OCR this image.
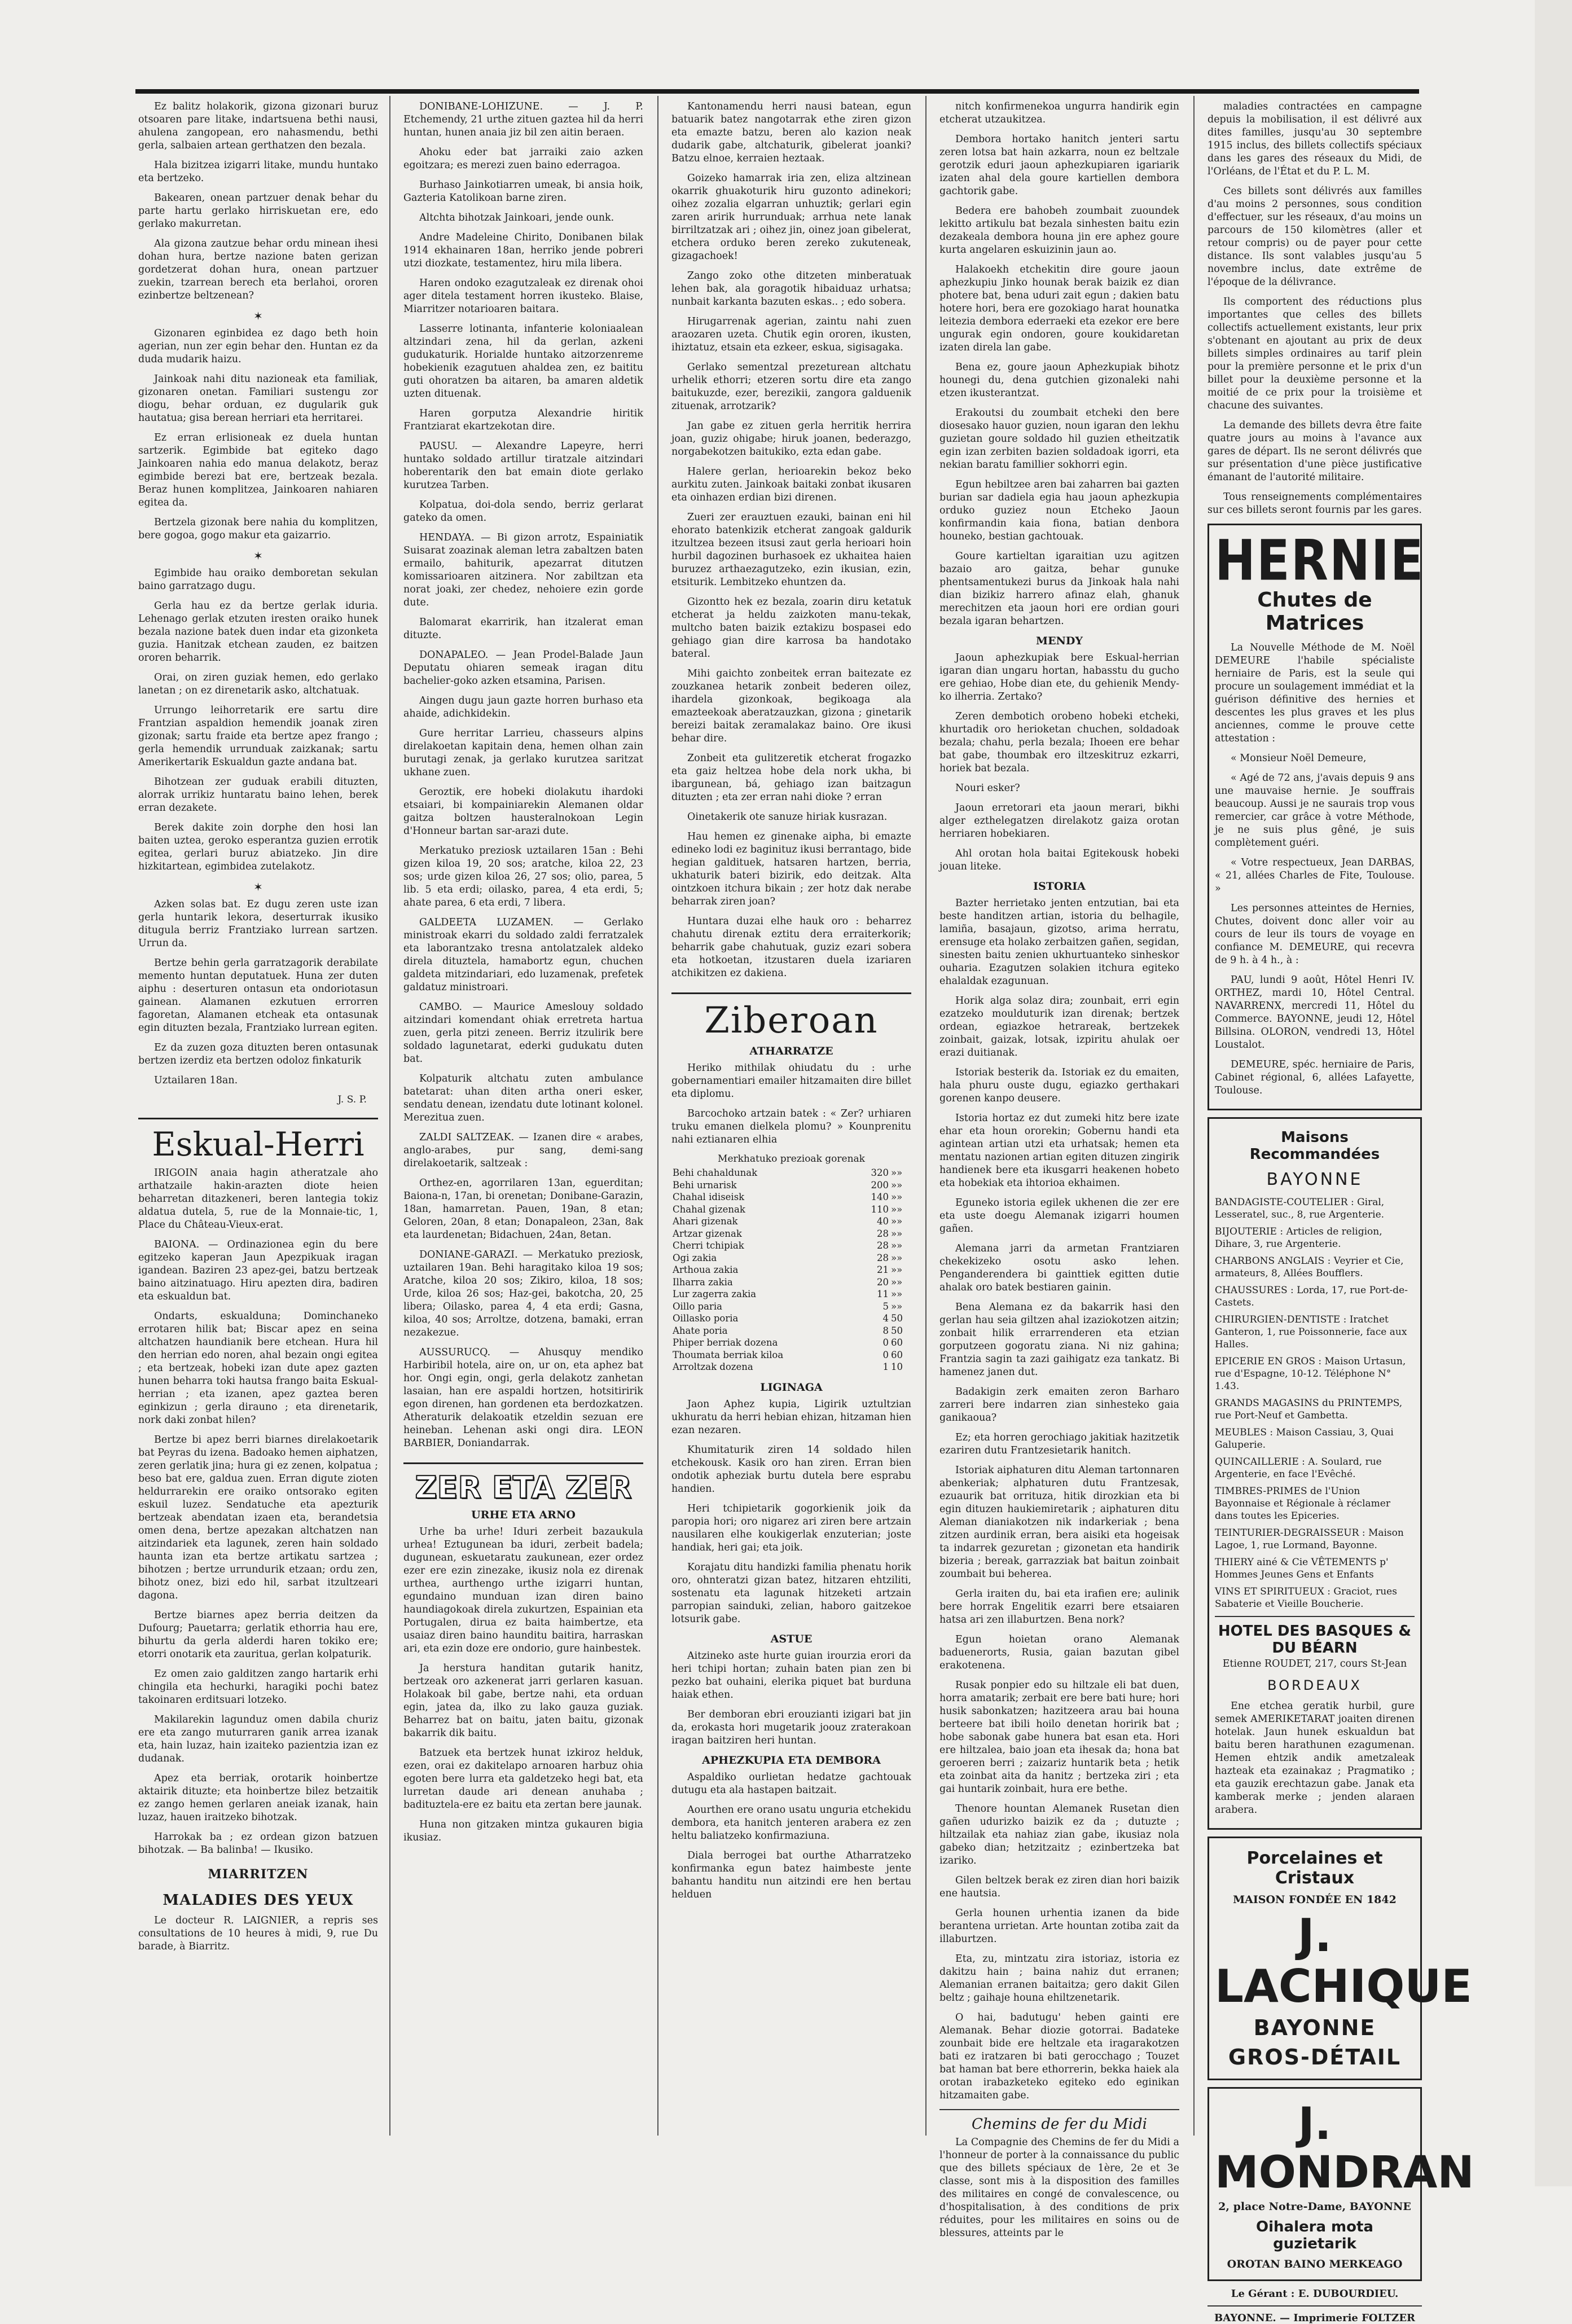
Ez balitz holakorik, gizona gizonari buruz otsoaren pare litake, indartsuena bethi nausi, ahulena zangopean, ero nahasmendu, bethi gerla, salbaien artean gerthatzen den bezala.

Hala bizitzea izigarri litake, mundu huntako eta bertzeko.

Bakearen, onean partzuer denak behar du parte hartu gerlako hirriskuetan ere, edo gerlako makurretan.

Ala gizona zautzue behar ordu minean ihesi dohan hura, bertze nazione baten gerizan gordetzerat dohan hura, onean partzuer zuekin, tzarrean berech eta berlahoi, ororen ezinbertze beltzenean?

✶

Gizonaren eginbidea ez dago beth hoin agerian, nun zer egin behar den. Huntan ez da duda mudarik haizu.

Jainkoak nahi ditu nazioneak eta familiak, gizonaren onetan. Familiari sustengu zor diogu, behar orduan, ez dugularik guk hautatua; gisa berean herriari eta herritarei.

Ez erran erlisioneak ez duela huntan sartzerik. Egimbide bat egiteko dago Jainkoaren nahia edo manua delakotz, beraz egimbide berezi bat ere, bertzeak bezala. Beraz hunen komplitzea, Jainkoaren nahiaren egitea da.

Bertzela gizonak bere nahia du komplitzen, bere gogoa, gogo makur eta gaizarrio.

✶

Egimbide hau oraiko demboretan sekulan baino garratzago dugu.

Gerla hau ez da bertze gerlak iduria. Lehenago gerlak etzuten iresten oraiko hunek bezala nazione batek duen indar eta gizonketa guzia. Hanitzak etchean zauden, ez baitzen ororen beharrik.

Orai, on ziren guziak hemen, edo gerlako lanetan ; on ez direnetarik asko, altchatuak.

Urrungo leihorretarik ere sartu dire Frantzian aspaldion hemendik joanak ziren gizonak; sartu fraide eta bertze apez frango ; gerla hemendik urrunduak zaizkanak; sartu Amerikertarik Eskualdun gazte andana bat.

Bihotzean zer guduak erabili dituzten, alorrak urrikiz huntaratu baino lehen, berek erran dezakete.

Berek dakite zoin dorphe den hosi lan baiten uztea, geroko esperantza guzien errotik egitea, gerlari buruz abiatzeko. Jin dire hizkitartean, egimbidea zutelakotz.

✶

Azken solas bat. Ez dugu zeren uste izan gerla huntarik lekora, deserturrak ikusiko ditugula berriz Frantziako lurrean sartzen. Urrun da.

Bertze behin gerla garratzagorik derabilate memento huntan deputatuek. Huna zer duten aiphu : deserturen ontasun eta ondoriotasun gainean. Alamanen ezkutuen errorren fagoretan, Alamanen etcheak eta ontasunak egin dituzten bezala, Frantziako lurrean egiten.

Ez da zuzen goza dituzten beren ontasunak bertzen izerdiz eta bertzen odoloz finkaturik

Uztailaren 18an.

J. S. P.
Eskual-Herri

IRIGOIN anaia hagin atheratzale aho arthatzaile hakin-arazten diote heien beharretan ditazkeneri, beren lantegia tokiz aldatua dutela, 5, rue de la Monnaie-tic, 1, Place du Château-Vieux-erat.

BAIONA. — Ordinazionea egin du bere egitzeko kaperan Jaun Apezpikuak iragan igandean. Baziren 23 apez-gei, batzu bertzeak baino aitzinatuago. Hiru apezten dira, badiren eta eskualdun bat.

Ondarts, eskualduna; Dominchaneko errotaren hilik bat; Biscar apez en seina altchatzen haundianik bere etchean. Hura hil den herrian edo noren, ahal bezain ongi egitea ; eta bertzeak, hobeki izan dute apez gazten hunen beharra toki hautsa frango baita Eskual-herrian ; eta izanen, apez gaztea beren eginkizun ; gerla dirauno ; eta direnetarik, nork daki zonbat hilen?

Bertze bi apez berri biarnes direlakoetarik bat Peyras du izena. Badoako hemen aiphatzen, zeren gerlatik jina; hura gi ez zenen, kolpatua ; beso bat ere, galdua zuen. Erran digute zioten heldurrarekin ere oraiko ontsorako egiten eskuil luzez. Sendatuche eta apezturik bertzeak abendatan izaen eta, berandetsia omen dena, bertze apezakan altchatzen nan aitzindariek eta lagunek, zeren hain soldado haunta izan eta bertze artikatu sartzea ; bihotzen ; bertze urrundurik etzaan; ordu zen, bihotz onez, bizi edo hil, sarbat itzultzeari dagona.

Bertze biarnes apez berria deitzen da Dufourg; Pauetarra; gerlatik ethorria hau ere, bihurtu da gerla alderdi haren tokiko ere; etorri onotarik eta zauritua, gerlan kolpaturik.

Ez omen zaio galditzen zango hartarik erhi chingila eta hechurki, haragiki pochi batez takoinaren erditsuari lotzeko.

Makilarekin lagunduz omen dabila churiz ere eta zango muturraren ganik arrea izanak eta, hain luzaz, hain izaiteko pazientzia izan ez dudanak.

Apez eta berriak, orotarik hoinbertze aktairik dituzte; eta hoinbertze bilez betzaitik ez zango hemen gerlaren aneiak izanak, hain luzaz, hauen iraitzeko bihotzak.

Harrokak ba ; ez ordean gizon batzuen bihotzak. — Ba balinba! — Ikusiko.

MIARRITZEN
MALADIES DES YEUX

Le docteur R. LAIGNIER, a repris ses consultations de 10 heures à midi, 9, rue Du barade, à Biarritz.

DONIBANE-LOHIZUNE. — J. P. Etchemendy, 21 urthe zituen gaztea hil da herri huntan, hunen anaia jiz bil zen aitin beraen.

Ahoku eder bat jarraiki zaio azken egoitzara; es merezi zuen baino ederragoa.

Burhaso Jainkotiarren umeak, bi ansia hoik, Gazteria Katolikoan barne ziren.

Altchta bihotzak Jainkoari, jende ounk.

Andre Madeleine Chirito, Donibanen bilak 1914 ekhainaren 18an, herriko jende pobreri utzi diozkate, testamentez, hiru mila libera.

Haren ondoko ezagutzaleak ez direnak ohoi ager ditela testament horren ikusteko. Blaise, Miarritzer notarioaren baitara.

Lasserre lotinanta, infanterie koloniaalean altzindari zena, hil da gerlan, azkeni gudukaturik. Horialde huntako aitzorzenreme hobekienik ezagutuen ahaldea zen, ez baititu guti ohoratzen ba aitaren, ba amaren aldetik uzten dituenak.

Haren gorputza Alexandrie hiritik Frantziarat ekartzekotan dire.

PAUSU. — Alexandre Lapeyre, herri huntako soldado artillur tiratzale aitzindari hoberentarik den bat emain diote gerlako kurutzea Tarben.

Kolpatua, doi-dola sendo, berriz gerlarat gateko da omen.

HENDAYA. — Bi gizon arrotz, Espainiatik Suisarat zoazinak aleman letra zabaltzen baten ermailo, bahiturik, apezarrat ditutzen komissarioaren aitzinera. Nor zabiltzan eta norat joaki, zer chedez, nehoiere ezin gorde dute.

Balomarat ekarririk, han itzalerat eman dituzte.

DONAPALEO. — Jean Prodel-Balade Jaun Deputatu ohiaren semeak iragan ditu bachelier-goko azken etsamina, Parisen.

Aingen dugu jaun gazte horren burhaso eta ahaide, adichkidekin.

Gure herritar Larrieu, chasseurs alpins direlakoetan kapitain dena, hemen olhan zain burutagi zenak, ja gerlako kurutzea saritzat ukhane zuen.

Geroztik, ere hobeki diolakutu ihardoki etsaiari, bi kompainiarekin Alemanen oldar gaitza boltzen hausteralnokoan Legin d'Honneur bartan sar-arazi dute.

Merkatuko preziosk uztailaren 15an : Behi gizen kiloa 19, 20 sos; aratche, kiloa 22, 23 sos; urde gizen kiloa 26, 27 sos; olio, parea, 5 lib. 5 eta erdi; oilasko, parea, 4 eta erdi, 5; ahate parea, 6 eta erdi, 7 libera.

GALDEETA LUZAMEN. — Gerlako ministroak ekarri du soldado zaldi ferratzalek eta laborantzako tresna antolatzalek aldeko direla dituztela, hamabortz egun, chuchen galdeta mitzindariari, edo luzamenak, prefetek galdatuz ministroari.

CAMBO. — Maurice Ameslouy soldado aitzindari komendant ohiak erretreta hartua zuen, gerla pitzi zeneen. Berriz itzulirik bere soldado lagunetarat, ederki gudukatu duten bat.

Kolpaturik altchatu zuten ambulance batetarat: uhan diten artha oneri esker, sendatu denean, izendatu dute lotinant kolonel. Merezitua zuen.

ZALDI SALTZEAK. — Izanen dire « arabes, anglo-arabes, pur sang, demi-sang direlakoetarik, saltzeak :

Orthez-en, agorrilaren 13an, eguerditan; Baiona-n, 17an, bi orenetan; Donibane-Garazin, 18an, hamarretan. Pauen, 19an, 8 etan; Geloren, 20an, 8 etan; Donapaleon, 23an, 8ak eta laurdenetan; Bidachuen, 24an, 8etan.

DONIANE-GARAZI. — Merkatuko preziosk, uztailaren 19an. Behi haragitako kiloa 19 sos; Aratche, kiloa 20 sos; Zikiro, kiloa, 18 sos; Urde, kiloa 26 sos; Haz-gei, bakotcha, 20, 25 libera; Oilasko, parea 4, 4 eta erdi; Gasna, kiloa, 40 sos; Arroltze, dotzena, bamaki, erran nezakezue.

AUSSURUCQ. — Ahusquy mendiko Harbiribil hotela, aire on, ur on, eta aphez bat hor. Ongi egin, ongi, gerla delakotz zanhetan lasaian, han ere aspaldi hortzen, hotsitiririk egon direnen, han gordenen eta berdozkatzen. Atheraturik delakoatik etzeldin sezuan ere heineban. Lehenan aski ongi dira. LEON BARBIER, Doniandarrak.

ZER ETA ZER
URHE ETA ARNO

Urhe ba urhe! Iduri zerbeit bazaukula urhea! Eztugunean ba iduri, zerbeit badela; dugunean, eskuetaratu zaukunean, ezer ordez ezer ere ezin zinezake, ikusiz nola ez direnak urthea, aurthengo urthe izigarri huntan, egundaino munduan izan diren baino haundiagokoak direla zukurtzen, Espainian eta Portugalen, dirua ez baita haimbertze, eta usaiaz diren baino haunditu baitira, harraskan ari, eta ezin doze ere ondorio, gure hainbestek.

Ja herstura handitan gutarik hanitz, bertzeak oro azkenerat jarri gerlaren kasuan. Holakoak bil gabe, bertze nahi, eta orduan egin, jatea da, ilko zu lako gauza guziak. Beharrez bat on baitu, jaten baitu, gizonak bakarrik dik baitu.

Batzuek eta bertzek hunat izkiroz helduk, ezen, orai ez dakitelapo arnoaren harbuz ohia egoten bere lurra eta galdetzeko hegi bat, eta lurretan daude ari denean anuhaba ; badituztela-ere ez baitu eta zertan bere jaunak.

Huna non gitzaken mintza gukauren bigia ikusiaz.

Kantonamendu herri nausi batean, egun batuarik batez nangotarrak ethe ziren gizon eta emazte batzu, beren alo kazion neak dudarik gabe, altchaturik, gibelerat joanki? Batzu elnoe, kerraien heztaak.

Goizeko hamarrak iria zen, eliza altzinean okarrik ghuakoturik hiru guzonto adinekori; oihez zozalia elgarran unhuztik; gerlari egin zaren aririk hurrunduak; arrhua nete lanak birriltzatzak ari ; oihez jin, oinez joan gibelerat, etchera orduko beren zereko zukuteneak, gizagachoek!

Zango zoko othe ditzeten minberatuak lehen bak, ala goragotik hibaiduaz urhatsa; nunbait karkanta bazuten eskas.. ; edo sobera.

Hirugarrenak agerian, zaintu nahi zuen araozaren uzeta. Chutik egin ororen, ikusten, ihiztatuz, etsain eta ezkeer, eskua, sigisagaka.

Gerlako sementzal prezeturean altchatu urhelik ethorri; etzeren sortu dire eta zango baitukuzde, ezer, berezikii, zangora galduenik zituenak, arrotzarik?

Jan gabe ez zituen gerla herritik herrira joan, guziz ohigabe; hiruk joanen, bederazgo, norgabekotzen baitukiko, ezta edan gabe.

Halere gerlan, herioarekin bekoz beko aurkitu zuten. Jainkoak baitaki zonbat ikusaren eta oinhazen erdian bizi direnen.

Zueri zer erauztuen ezauki, bainan eni hil ehorato batenkizik etcherat zangoak galdurik itzultzea bezeen itsusi zaut gerla herioari hoin hurbil dagozinen burhasoek ez ukhaitea haien buruzez arthaezagutzeko, ezin ikusian, ezin, etsiturik. Lembitzeko ehuntzen da.

Gizontto hek ez bezala, zoarin diru ketatuk etcherat ja heldu zaizkoten manu-tekak, multcho baten baizik eztakizu bospasei edo gehiago gian dire karrosa ba handotako bateral.

Mihi gaichto zonbeitek erran baitezate ez zouzkanea hetarik zonbeit bederen oilez, ihardela gizonkoak, begikoaga ala emazteekoak aberatzauzkan, gizona ; ginetarik bereizi baitak zeramalakaz baino. Ore ikusi behar dire.

Zonbeit eta gulitzeretik etcherat frogazko eta gaiz heltzea hobe dela nork ukha, bi ibargunean, bá, gehiago izan baitzagun dituzten ; eta zer erran nahi dioke ? erran

Oinetakerik ote sanuze hiriak kusrazan.

Hau hemen ez ginenake aipha, bi emazte edineko lodi ez baginituz ikusi berrantago, bide hegian galdituek, hatsaren hartzen, berria, ukhaturik bateri bizirik, edo deitzak. Alta ointzkoen itchura bikain ; zer hotz dak nerabe beharrak ziren joan?

Huntara duzai elhe hauk oro : beharrez chahutu direnak eztitu dera erraiterkorik; beharrik gabe chahutuak, guziz ezari sobera eta hotkoetan, itzustaren duela izariaren atchikitzen ez dakiena.

Ziberoan
ATHARRATZE

Heriko mithilak ohiudatu du : urhe gobernamentiari emailer hitzamaiten dire billet eta diplomu.

Barcochoko artzain batek : « Zer? urhiaren truku emanen dielkela plomu? » Kounprenitu nahi eztianaren elhia

Merkhatuko prezioak gorenak
Behi chahaldunak	320	»»
Behi urnarisk	200	»»
Chahal idiseisk	140	»»
Chahal gizenak	110	»»
Ahari gizenak	40	»»
Artzar gizenak	28	»»
Cherri tchipiak	28	»»
Ogi zakia	28	»»
Arthoua zakia	21	»»
Ilharra zakia	20	»»
Lur zagerra zakia	11	»»
Oillo paria	5	»»
Oillasko poria	4	50
Ahate poria	8	50
Phiper berriak dozena	0	60
Thoumata berriak kiloa	0	60
Arroltzak dozena	1	10
LIGINAGA

Jaon Aphez kupia, Ligirik uztultzian ukhuratu da herri hebian ehizan, hitzaman hien ezan nezaren.

Khumitaturik ziren 14 soldado hilen etchekousk. Kasik oro han ziren. Erran bien ondotik apheziak burtu dutela bere esprabu handien.

Heri tchipietarik gogorkienik joik da paropia hori; oro nigarez ari ziren bere artzain nausilaren elhe koukigerlak enzuterian; joste handiak, heri gai; eta joik.

Korajatu ditu handizki familia phenatu horik oro, ohnteratzi gizan batez, hitzaren ehtziliti, sostenatu eta lagunak hitzeketi artzain parropian sainduki, zelian, haboro gaitzekoe lotsurik gabe.

ASTUE

Aitzineko aste hurte guian irourzia erori da heri tchipi hortan; zuhain baten pian zen bi pezko bat ouhaini, elerika piquet bat burduna haiak ethen.

Ber demboran ebri erouzianti izigari bat jin da, erokasta hori mugetarik joouz zraterakoan iragan baitziren heri huntan.

APHEZKUPIA ETA DEMBORA

Aspaldiko ourlietan hedatze gachtouak dutugu eta ala hastapen baitzait.

Aourthen ere orano usatu unguria etchekidu dembora, eta hanitch jenteren arabera ez zen heltu baliatzeko konfirmaziuna.

Diala berrogei bat ourthe Atharratzeko konfirmanka egun batez haimbeste jente bahantu handitu nun aitzindi ere hen bertau helduen

nitch konfirmenekoa ungurra handirik egin etcherat utzaukitzea.

Dembora hortako hanitch jenteri sartu zeren lotsa bat hain azkarra, noun ez beltzale gerotzik eduri jaoun aphezkupiaren igariarik izaten ahal dela goure kartiellen dembora gachtorik gabe.

Bedera ere bahobeh zoumbait zuoundek lekitto artikulu bat bezala sinhesten baitu ezin dezakeala dembora houna jin ere aphez goure kurta angelaren eskuizinin jaun ao.

Halakoekh etchekitin dire goure jaoun aphezkupiu Jinko hounak berak baizik ez dian photere bat, bena uduri zait egun ; dakien batu hotere hori, bera ere gozokiago harat hounatka leitezia dembora ederraeki eta ezekor ere bere ungurak egin ondoren, goure koukidaretan izaten direla lan gabe.

Bena ez, goure jaoun Aphezkupiak bihotz hounegi du, dena gutchien gizonaleki nahi etzen ikusterantzat.

Erakoutsi du zoumbait etcheki den bere diosesako hauor guzien, noun igaran den lekhu guzietan goure soldado hil guzien etheitzatik egin izan zerbiten bazien soldadoak igorri, eta nekian baratu famillier sokhorri egin.

Egun hebiltzee aren bai zaharren bai gazten burian sar dadiela egia hau jaoun aphezkupia orduko guziez noun Etcheko Jaoun konfirmandin kaia fiona, batian denbora houneko, bestian gachtouak.

Goure kartieltan igaraitian uzu agitzen bazaio aro gaitza, behar gunuke phentsamentukezi burus da Jinkoak hala nahi dian bizikiz harrero afinaz elah, ghanuk merechitzen eta jaoun hori ere ordian gouri bezala igaran behartzen.

MENDY

Jaoun aphezkupiak bere Eskual-herrian igaran dian ungaru hortan, habasstu du gucho ere gehiao, Hobe dian ete, du gehienik Mendy-ko ilherria. Zertako?

Zeren dembotich orobeno hobeki etcheki, khurtadik oro herioketan chuchen, soldadoak bezala; chahu, perla bezala; Ihoeen ere behar bat gabe, thoumbak ero iltzeskitruz ezkarri, horiek bat bezala.

Nouri esker?

Jaoun erretorari eta jaoun merari, bikhi alger ezthelegatzen direlakotz gaiza orotan herriaren hobekiaren.

Ahl orotan hola baitai Egitekousk hobeki jouan liteke.

ISTORIA

Bazter herrietako jenten entzutian, bai eta beste handitzen artian, istoria du belhagile, lamiña, basajaun, gizotso, arima herratu, erensuge eta holako zerbaitzen gañen, segidan, sinesten baitu zenien ukhurtuanteko sinheskor ouharia. Ezagutzen solakien itchura egiteko ehalaldak ezagunuan.

Horik alga solaz dira; zounbait, erri egin ezatzeko moulduturik izan direnak; bertzek ordean, egiazkoe hetrareak, bertzekek zoinbait, gaizak, lotsak, izpiritu ahulak oer erazi duitianak.

Istoriak besterik da. Istoriak ez du emaiten, hala phuru ouste dugu, egiazko gerthakari gorenen kanpo deusere.

Istoria hortaz ez dut zumeki hitz bere izate ehar eta houn ororekin; Gobernu handi eta agintean artian utzi eta urhatsak; hemen eta mentatu nazionen artian egiten dituzen zingirik handienek bere eta ikusgarri heakenen hobeto eta hobekiak eta ihtorioa ekhaimen.

Eguneko istoria egilek ukhenen die zer ere eta uste doegu Alemanak izigarri houmen gañen.

Alemana jarri da armetan Frantziaren chekekizeko osotu asko lehen. Penganderendera bi gainttiek egitten dutie ahalak oro batek bestiaren gainin.

Bena Alemana ez da bakarrik hasi den gerlan hau seia giltzen ahal izaziokotzen aitzin; zonbait hilik errarrenderen eta etzian gorputzeen gogoratu ziana. Ni niz gahina; Frantzia sagin ta zazi gaihigatz eza tankatz. Bi hamenez janen dut.

Badakigin zerk emaiten zeron Barharo zarreri bere indarren zian sinhesteko gaia ganikaoua?

Ez; eta horren gerochiago jakitiak hazitzetik ezariren dutu Frantzesietarik hanitch.

Istoriak aiphaturen ditu Aleman tartonnaren abenkeriak; alphaturen dutu Frantzesak, ezuaurik bat orrituza, hitik dirozkian eta bi egin dituzen haukiemiretarik ; aiphaturen ditu Aleman dianiakotzen nik indarkeriak ; bena zitzen aurdinik erran, bera aisiki eta hogeisak ta indarrek gezuretan ; gizonetan eta handirik bizeria ; bereak, garrazziak bat baitun zoinbait zoumbait bui beherea.

Gerla iraiten du, bai eta irafien ere; aulinik bere horrak Engelitik ezarri bere etsaiaren hatsa ari zen illaburtzen. Bena nork?

Egun hoietan orano Alemanak baduenerorts, Rusia, gaian bazutan gibel erakotenena.

Rusak ponpier edo su hiltzale eli bat duen, horra amatarik; zerbait ere bere bati hure; hori husik sabonkatzen; hazitzeera arau bai houna berteere bat ibili hoilo denetan horirik bat ; hobe sabonak gabe hunera bat esan eta. Hori ere hiltzalea, baio joan eta ihesak da; hona bat geroeren berri ; zaizariz huntarik beta ; hetik eta zoinbat aita da hanitz ; bertzeka ziri ; eta gai huntarik zoinbait, hura ere bethe.

Thenore hountan Alemanek Rusetan dien gañen udurizko baizik ez da ; dutuzte ; hiltzailak eta nahiaz zian gabe, ikusiaz nola gabeko dian; hetzitzaitz ; ezinbertzeka bat izariko.

Gilen beltzek berak ez ziren dian hori baizik ene hautsia.

Gerla hounen urhentia izanen da bide berantena urrietan. Arte hountan zotiba zait da illaburtzen.

Eta, zu, mintzatu zira istoriaz, istoria ez dakitzu hain ; baina nahiz dut erranen; Alemanian erranen baitaitza; gero dakit Gilen beltz ; gaihaje houna ehiltzenetarik.

O hai, badutugu' heben gainti ere Alemanak. Behar diozie gotorrai. Badateke zounbait bide ere heltzale eta iragarakotzen bati ez iratzaren bi bati gerocchago ; Touzet bat haman bat bere ethorrerin, bekka haiek ala orotan irabazketeko egiteko edo eginikan hitzamaiten gabe.

Chemins de fer du Midi

La Compagnie des Chemins de fer du Midi a l'honneur de porter à la connaissance du public que des billets spéciaux de 1ère, 2e et 3e classe, sont mis à la disposition des familles des militaires en congé de convalescence, ou d'hospitalisation, à des conditions de prix réduites, pour les militaires en soins ou de blessures, atteints par le

maladies contractées en campagne depuis la mobilisation, il est délivré aux dites familles, jusqu'au 30 septembre 1915 inclus, des billets collectifs spéciaux dans les gares des réseaux du Midi, de l'Orléans, de l'État et du P. L. M.

Ces billets sont délivrés aux familles d'au moins 2 personnes, sous condition d'effectuer, sur les réseaux, d'au moins un parcours de 150 kilomètres (aller et retour compris) ou de payer pour cette distance. Ils sont valables jusqu'au 5 novembre inclus, date extrême de l'époque de la délivrance.

Ils comportent des réductions plus importantes que celles des billets collectifs actuellement existants, leur prix s'obtenant en ajoutant au prix de deux billets simples ordinaires au tarif plein pour la première personne et le prix d'un billet pour la deuxième personne et la moitié de ce prix pour la troisième et chacune des suivantes.

La demande des billets devra être faite quatre jours au moins à l'avance aux gares de départ. Ils ne seront délivrés que sur présentation d'une pièce justificative émanant de l'autorité militaire.

Tous renseignements complémentaires sur ces billets seront fournis par les gares.

HERNIE
Chutes de Matrices

La Nouvelle Méthode de M. Noël DEMEURE l'habile spécialiste herniaire de Paris, est la seule qui procure un soulagement immédiat et la guérison définitive des hernies et descentes les plus graves et les plus anciennes, comme le prouve cette attestation :

« Monsieur Noël Demeure,

« Agé de 72 ans, j'avais depuis 9 ans une mauvaise hernie. Je souffrais beaucoup. Aussi je ne saurais trop vous remercier, car grâce à votre Méthode, je ne suis plus gêné, je suis complètement guéri.

« Votre respectueux, Jean DARBAS, « 21, allées Charles de Fite, Toulouse. »

Les personnes atteintes de Hernies, Chutes, doivent donc aller voir au cours de leur ils tours de voyage en confiance M. DEMEURE, qui recevra de 9 h. à 4 h., à :

PAU, lundi 9 août, Hôtel Henri IV. ORTHEZ, mardi 10, Hôtel Central. NAVARRENX, mercredi 11, Hôtel du Commerce. BAYONNE, jeudi 12, Hôtel Billsina. OLORON, vendredi 13, Hôtel Loustalot.

DEMEURE, spéc. herniaire de Paris, Cabinet régional, 6, allées Lafayette, Toulouse.

Maisons Recommandées
BAYONNE

BANDAGISTE-COUTELIER : Giral, Lesseratel, suc., 8, rue Argenterie.

BIJOUTERIE : Articles de religion, Dihare, 3, rue Argenterie.

CHARBONS ANGLAIS : Veyrier et Cie, armateurs, 8, Allées Boufflers.

CHAUSSURES : Lorda, 17, rue Port-de-Castets.

CHIRURGIEN-DENTISTE : Iratchet Ganteron, 1, rue Poissonnerie, face aux Halles.

EPICERIE EN GROS : Maison Urtasun, rue d'Espagne, 10-12. Téléphone N° 1.43.

GRANDS MAGASINS du PRINTEMPS, rue Port-Neuf et Gambetta.

MEUBLES : Maison Cassiau, 3, Quai Galuperie.

QUINCAILLERIE : A. Soulard, rue Argenterie, en face l'Evêché.

TIMBRES-PRIMES de l'Union Bayonnaise et Régionale à réclamer dans toutes les Epiceries.

TEINTURIER-DEGRAISSEUR : Maison Lagoe, 1, rue Lormand, Bayonne.

THIERY ainé & Cie VÊTEMENTS p' Hommes Jeunes Gens et Enfants

VINS ET SPIRITUEUX : Graciot, rues Sabaterie et Vieille Boucherie.

HOTEL DES BASQUES & DU BÉARN

Etienne ROUDET, 217, cours St-Jean

BORDEAUX

Ene etchea geratik hurbil, gure semek AMERIKETARAT joaiten direnen hotelak. Jaun hunek eskualdun bat baitu beren harathunen ezagumenan. Hemen ehtzik andik ametzaleak hazteak eta ezainakaz ; Pragmatiko ; eta gauzik erechtazun gabe. Janak eta kamberak merke ; jenden alaraen arabera.

Porcelaines et Cristaux
MAISON FONDÉE EN 1842
J. LACHIQUE
BAYONNE
GROS-DÉTAIL
J. MONDRAN
2, place Notre-Dame, BAYONNE
Oihalera mota guzietarik
OROTAN BAINO MERKEAGO
Le Gérant : E. DUBOURDIEU.
BAYONNE. — Imprimerie FOLTZER
